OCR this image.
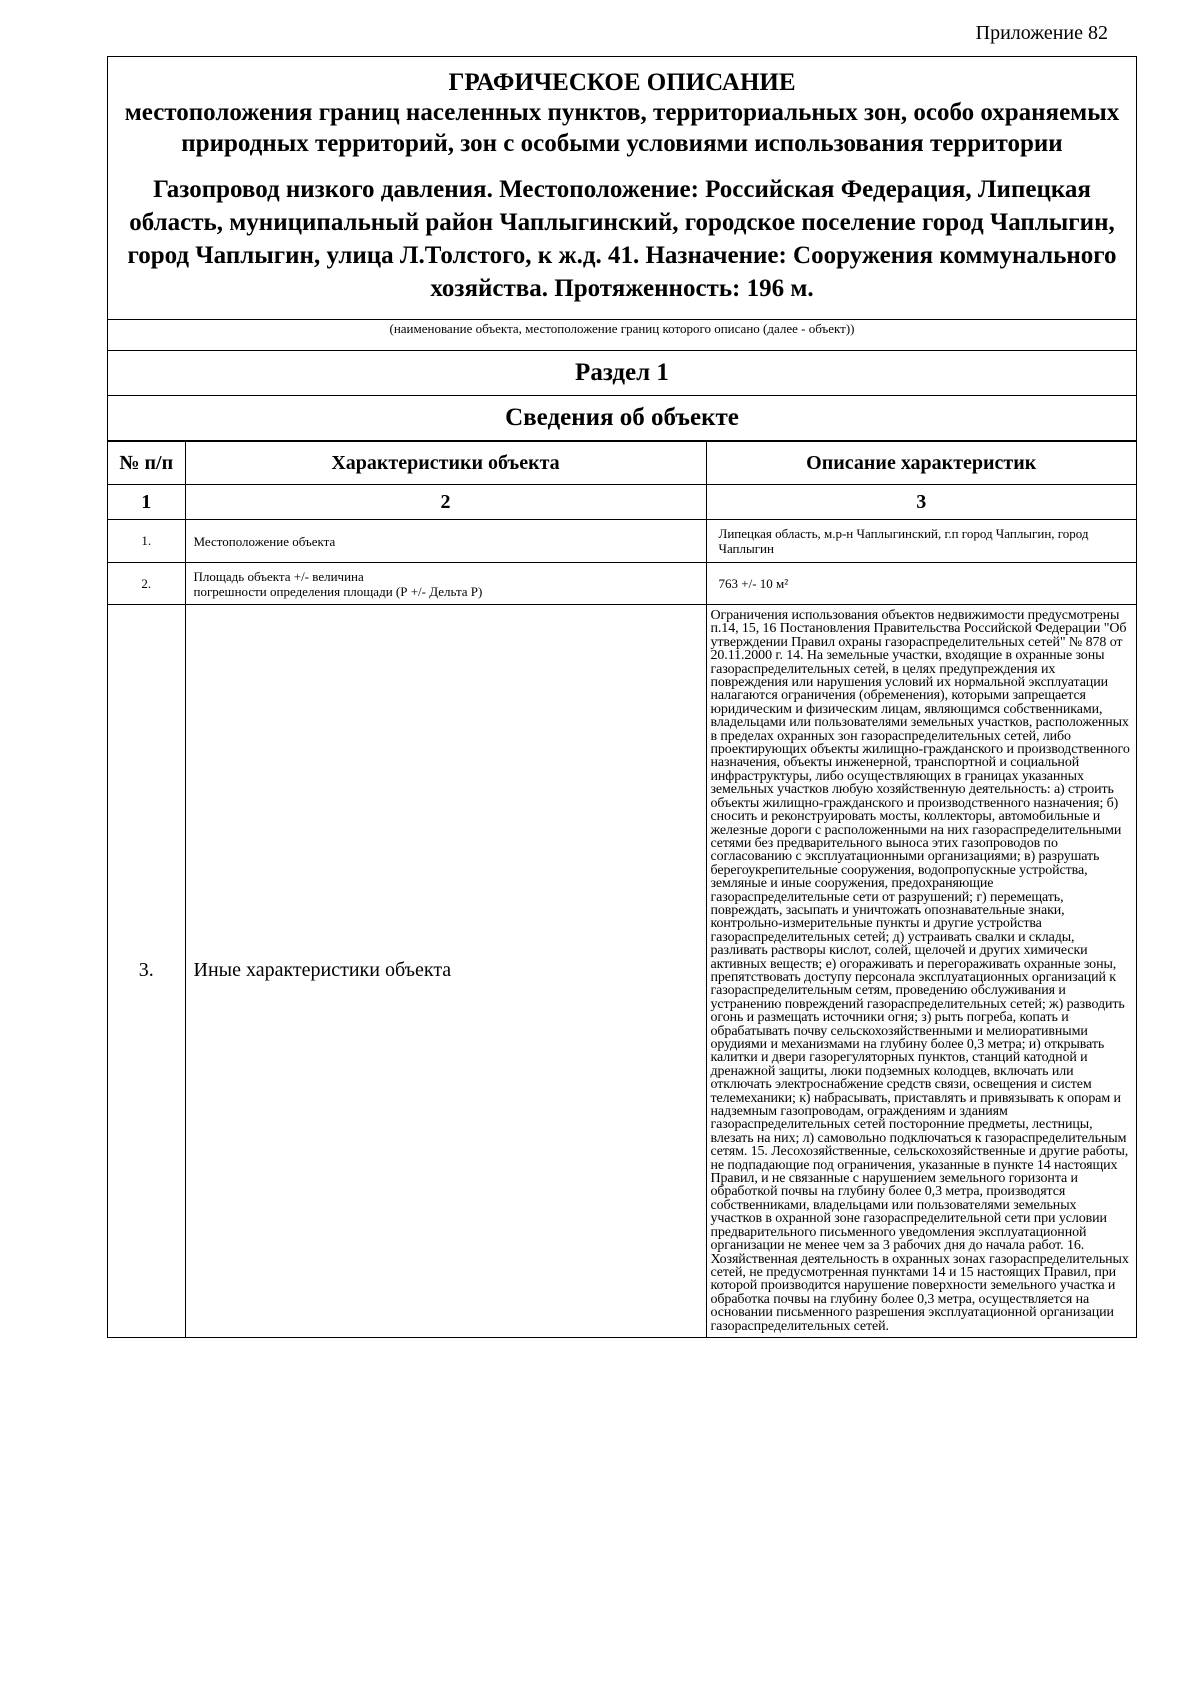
Приложение 82
ГРАФИЧЕСКОЕ ОПИСАНИЕ
местоположения границ населенных пунктов, территориальных зон, особо охраняемых природных территорий, зон с особыми условиями использования территории
Газопровод низкого давления. Местоположение: Российская Федерация, Липецкая область, муниципальный район Чаплыгинский, городское поселение город Чаплыгин, город Чаплыгин, улица Л.Толстого, к ж.д. 41. Назначение: Сооружения коммунального хозяйства. Протяженность: 196 м.
(наименование объекта, местоположение границ которого описано (далее - объект))
Раздел 1
Сведения об объекте
№ п/п	Характеристики объекта	Описание характеристик
1	2	3
1.	Местоположение объекта	Липецкая область, м.р-н Чаплыгинский, г.п город Чаплыгин, город Чаплыгин
2.	Площадь объекта +/- величина
погрешности определения площади (Р +/- Дельта Р)	763 +/- 10 м²
3.	Иные характеристики объекта	Ограничения использования объектов недвижимости предусмотрены п.14, 15, 16 Постановления Правительства Российской Федерации "Об утверждении Правил охраны газораспределительных сетей" № 878 от 20.11.2000 г. 14. На земельные участки, входящие в охранные зоны газораспределительных сетей, в целях предупреждения их повреждения или нарушения условий их нормальной эксплуатации налагаются ограничения (обременения), которыми запрещается юридическим и физическим лицам, являющимся собственниками, владельцами или пользователями земельных участков, расположенных в пределах охранных зон газораспределительных сетей, либо проектирующих объекты жилищно-гражданского и производственного назначения, объекты инженерной, транспортной и социальной инфраструктуры, либо осуществляющих в границах указанных земельных участков любую хозяйственную деятельность: а) строить объекты жилищно-гражданского и производственного назначения; б) сносить и реконструировать мосты, коллекторы, автомобильные и железные дороги с расположенными на них газораспределительными сетями без предварительного выноса этих газопроводов по согласованию с эксплуатационными организациями; в) разрушать берегоукрепительные сооружения, водопропускные устройства, земляные и иные сооружения, предохраняющие газораспределительные сети от разрушений; г) перемещать, повреждать, засыпать и уничтожать опознавательные знаки, контрольно-измерительные пункты и другие устройства газораспределительных сетей; д) устраивать свалки и склады, разливать растворы кислот, солей, щелочей и других химически активных веществ; е) огораживать и перегораживать охранные зоны, препятствовать доступу персонала эксплуатационных организаций к газораспределительным сетям, проведению обслуживания и устранению повреждений газораспределительных сетей; ж) разводить огонь и размещать источники огня; з) рыть погреба, копать и обрабатывать почву сельскохозяйственными и мелиоративными орудиями и механизмами на глубину более 0,3 метра; и) открывать калитки и двери газорегуляторных пунктов, станций катодной и дренажной защиты, люки подземных колодцев, включать или отключать электроснабжение средств связи, освещения и систем телемеханики; к) набрасывать, приставлять и привязывать к опорам и надземным газопроводам, ограждениям и зданиям газораспределительных сетей посторонние предметы, лестницы, влезать на них; л) самовольно подключаться к газораспределительным сетям. 15. Лесохозяйственные, сельскохозяйственные и другие работы, не подпадающие под ограничения, указанные в пункте 14 настоящих Правил, и не связанные с нарушением земельного горизонта и обработкой почвы на глубину более 0,3 метра, производятся собственниками, владельцами или пользователями земельных участков в охранной зоне газораспределительной сети при условии предварительного письменного уведомления эксплуатационной организации не менее чем за 3 рабочих дня до начала работ. 16. Хозяйственная деятельность в охранных зонах газораспределительных сетей, не предусмотренная пунктами 14 и 15 настоящих Правил, при которой производится нарушение поверхности земельного участка и обработка почвы на глубину более 0,3 метра, осуществляется на основании письменного разрешения эксплуатационной организации газораспределительных сетей.
